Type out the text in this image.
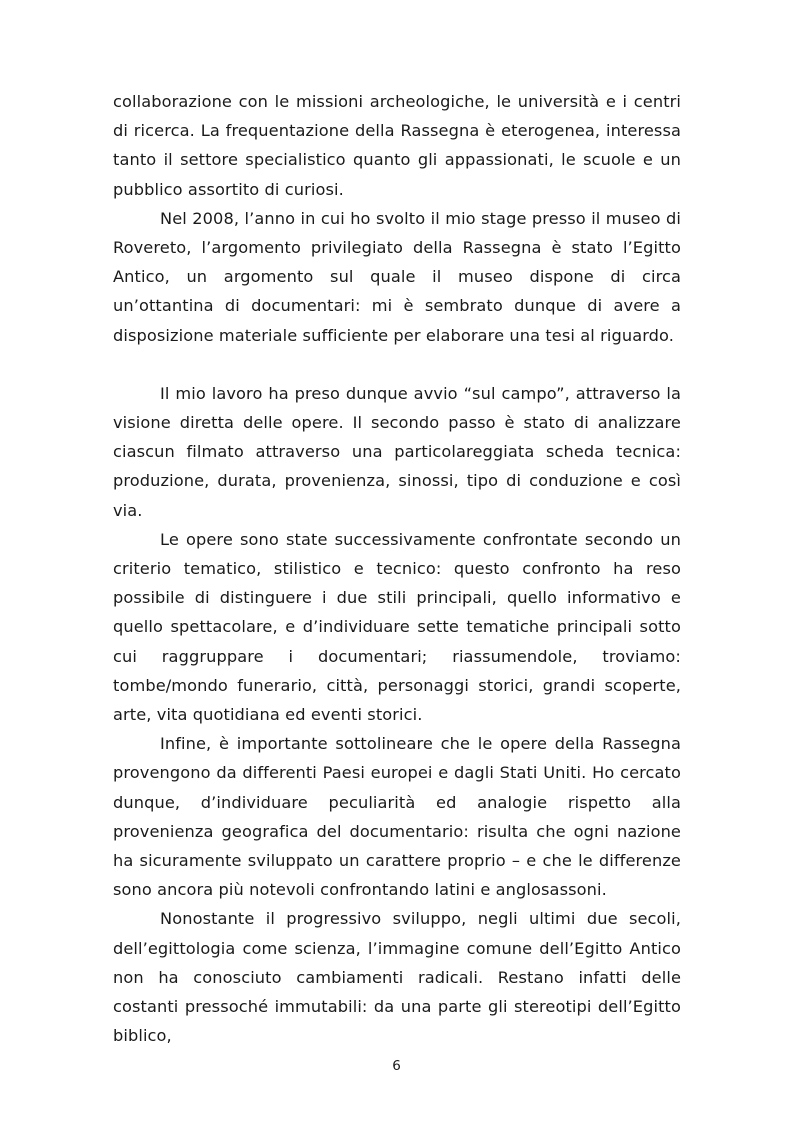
collaborazione con le missioni archeologiche, le università e i centri di ricerca. La frequentazione della Rassegna è eterogenea, interessa tanto il settore specialistico quanto gli appassionati, le scuole e un pubblico assortito di curiosi.

Nel 2008, l’anno in cui ho svolto il mio stage presso il museo di Rovereto, l’argomento privilegiato della Rassegna è stato l’Egitto Antico, un argomento sul quale il museo dispone di circa un’ottantina di documentari: mi è sembrato dunque di avere a disposizione materiale sufficiente per elaborare una tesi al riguardo.

Il mio lavoro ha preso dunque avvio “sul campo”, attraverso la visione diretta delle opere. Il secondo passo è stato di analizzare ciascun filmato attraverso una particolareggiata scheda tecnica: produzione, durata, provenienza, sinossi, tipo di conduzione e così via.

Le opere sono state successivamente confrontate secondo un criterio tematico, stilistico e tecnico: questo confronto ha reso possibile di distinguere i due stili principali, quello informativo e quello spettacolare, e d’individuare sette tematiche principali sotto cui raggruppare i documentari; riassumendole, troviamo: tombe/mondo funerario, città, personaggi storici, grandi scoperte, arte, vita quotidiana ed eventi storici.

Infine, è importante sottolineare che le opere della Rassegna provengono da differenti Paesi europei e dagli Stati Uniti. Ho cercato dunque, d’individuare peculiarità ed analogie rispetto alla provenienza geografica del documentario: risulta che ogni nazione ha sicuramente sviluppato un carattere proprio – e che le differenze sono ancora più notevoli confrontando latini e anglosassoni.

Nonostante il progressivo sviluppo, negli ultimi due secoli, dell’egittologia come scienza, l’immagine comune dell’Egitto Antico non ha conosciuto cambiamenti radicali. Restano infatti delle costanti pressoché immutabili: da una parte gli stereotipi dell’Egitto biblico,

6
